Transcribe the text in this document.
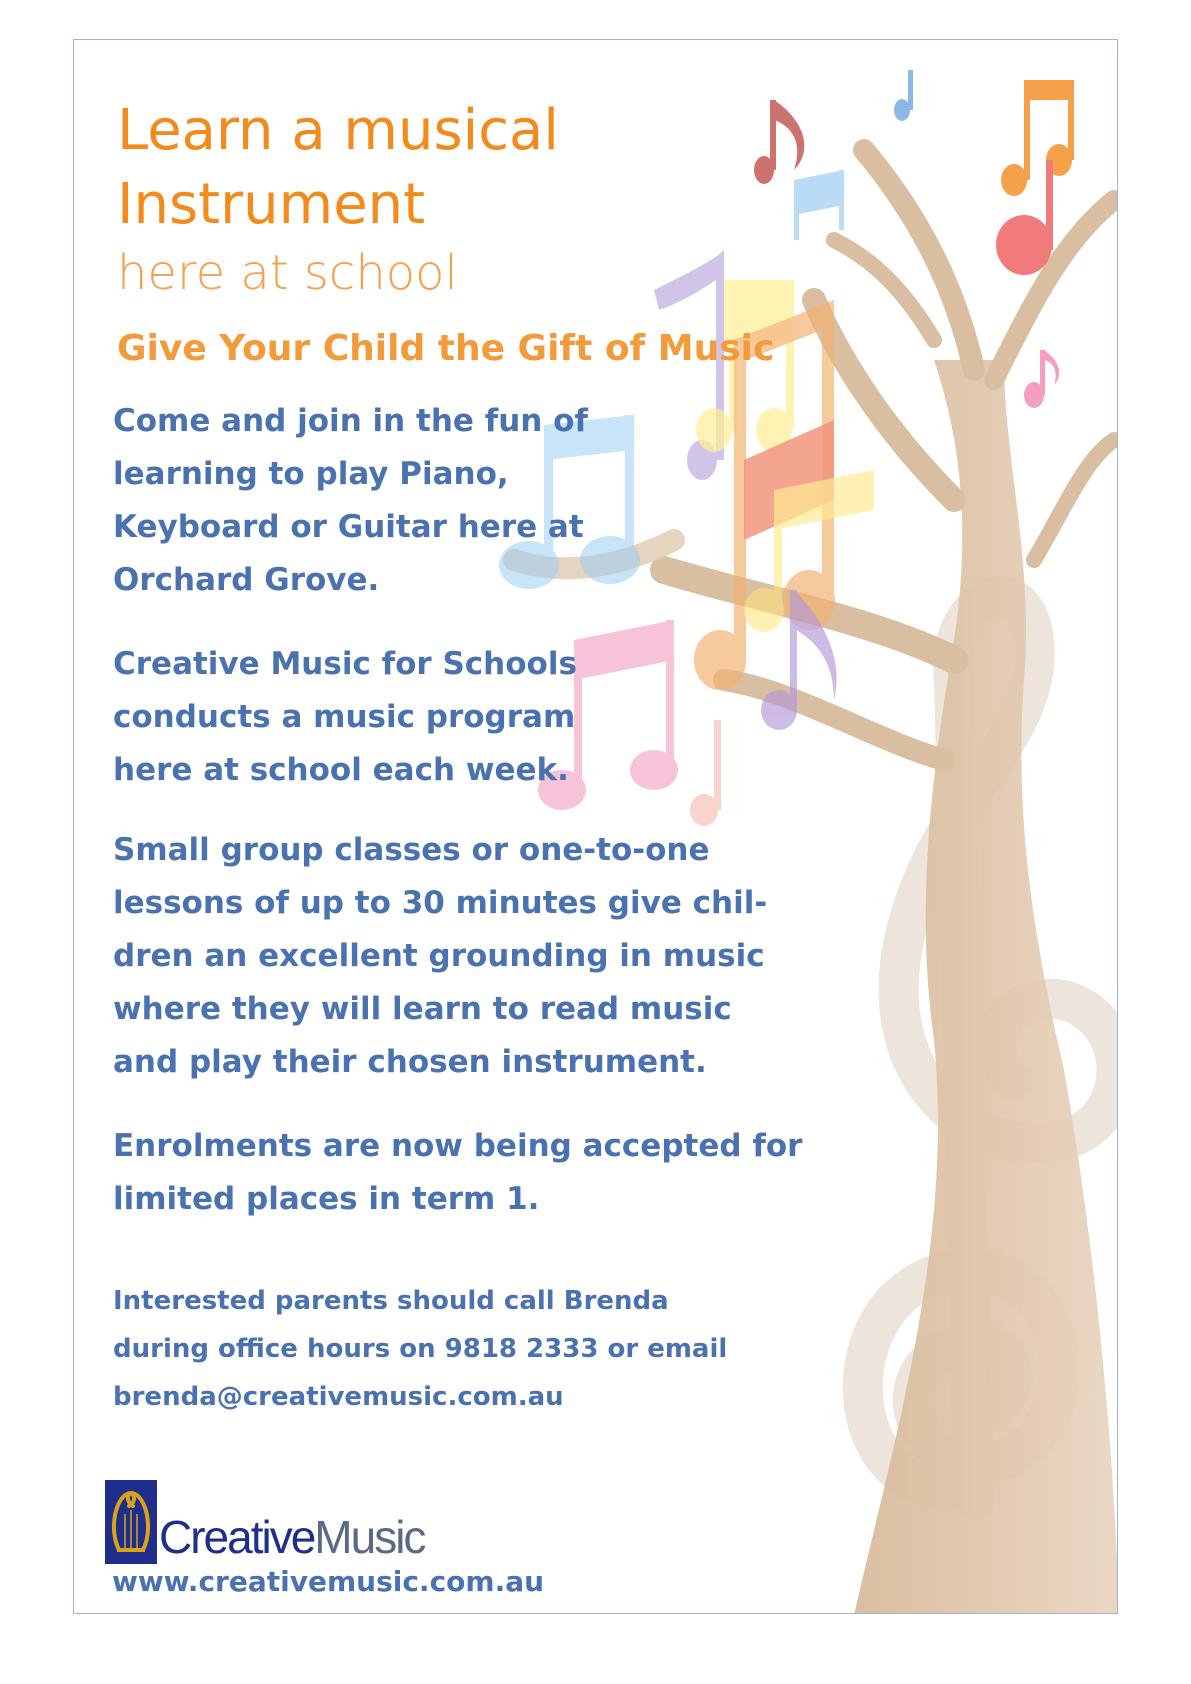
Learn a musical
Instrument
here at school
Give Your Child the Gift of Music

Come and join in the fun of
learning to play Piano,
Keyboard or Guitar here at
Orchard Grove.

Creative Music for Schools
conducts a music program
here at school each week.

Small group classes or one-to-one
lessons of up to 30 minutes give chil-
dren an excellent grounding in music
where they will learn to read music
and play their chosen instrument.

Enrolments are now being accepted for
limited places in term 1.

Interested parents should call Brenda
during office hours on 9818 2333 or email
brenda@creativemusic.com.au

CreativeMusic
www.creativemusic.com.au
